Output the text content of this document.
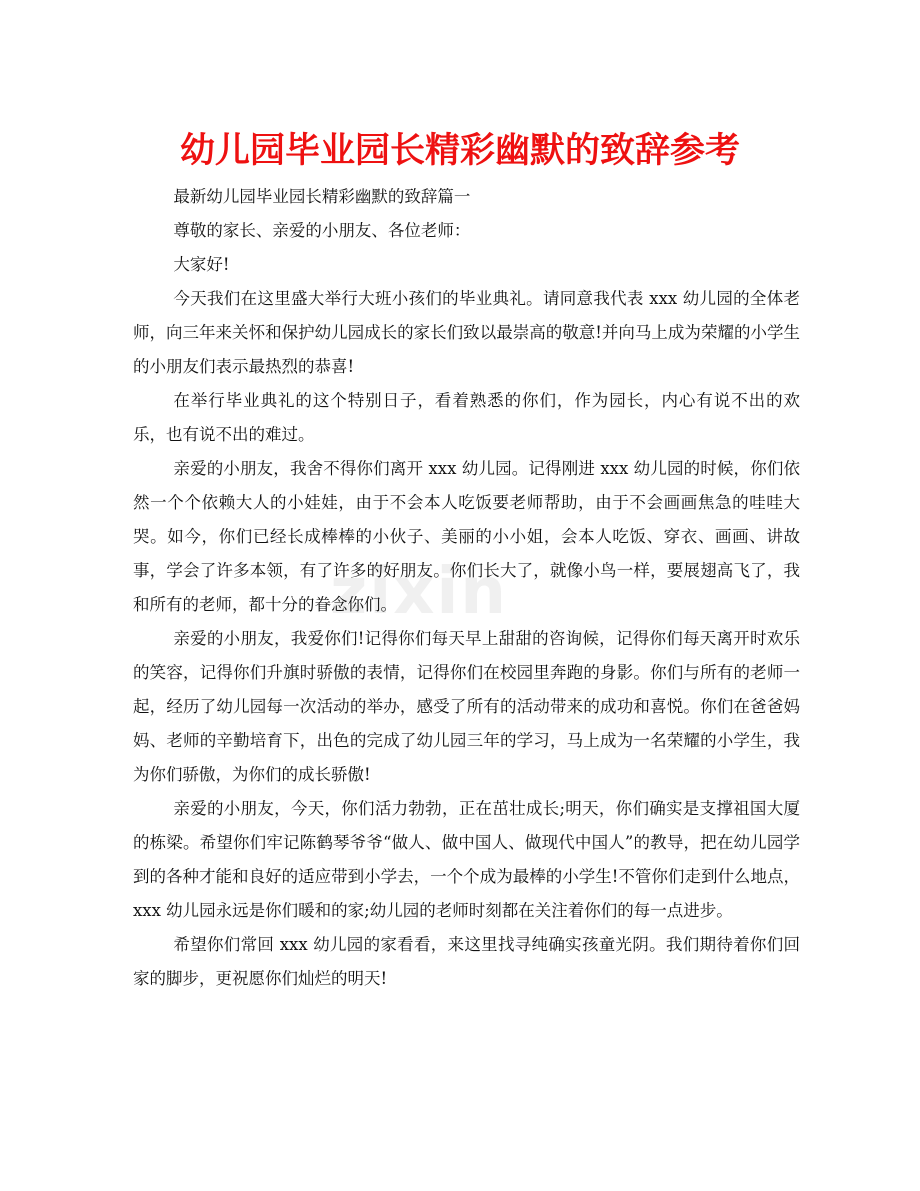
幼儿园毕业园长精彩幽默的致辞参考
zixin

最新幼儿园毕业园长精彩幽默的致辞篇一

尊敬的家长、亲爱的小朋友、各位老师：

大家好!

今天我们在这里盛大举行大班小孩们的毕业典礼。请同意我代表 xxx 幼儿园的全体老师，向三年来关怀和保护幼儿园成长的家长们致以最崇高的敬意!并向马上成为荣耀的小学生的小朋友们表示最热烈的恭喜!

在举行毕业典礼的这个特别日子，看着熟悉的你们，作为园长，内心有说不出的欢乐，也有说不出的难过。

亲爱的小朋友，我舍不得你们离开 xxx 幼儿园。记得刚进 xxx 幼儿园的时候，你们依然一个个依赖大人的小娃娃，由于不会本人吃饭要老师帮助，由于不会画画焦急的哇哇大哭。如今，你们已经长成棒棒的小伙子、美丽的小小姐，会本人吃饭、穿衣、画画、讲故事，学会了许多本领，有了许多的好朋友。你们长大了，就像小鸟一样，要展翅高飞了，我和所有的老师，都十分的眷念你们。

亲爱的小朋友，我爱你们!记得你们每天早上甜甜的咨询候，记得你们每天离开时欢乐的笑容，记得你们升旗时骄傲的表情，记得你们在校园里奔跑的身影。你们与所有的老师一起，经历了幼儿园每一次活动的举办，感受了所有的活动带来的成功和喜悦。你们在爸爸妈妈、老师的辛勤培育下，出色的完成了幼儿园三年的学习，马上成为一名荣耀的小学生，我为你们骄傲，为你们的成长骄傲!

亲爱的小朋友，今天，你们活力勃勃，正在茁壮成长;明天，你们确实是支撑祖国大厦的栋梁。希望你们牢记陈鹤琴爷爷“做人、做中国人、做现代中国人”的教导，把在幼儿园学到的各种才能和良好的适应带到小学去，一个个成为最棒的小学生!不管你们走到什么地点，xxx 幼儿园永远是你们暖和的家;幼儿园的老师时刻都在关注着你们的每一点进步。

希望你们常回 xxx 幼儿园的家看看，来这里找寻纯确实孩童光阴。我们期待着你们回家的脚步，更祝愿你们灿烂的明天!
